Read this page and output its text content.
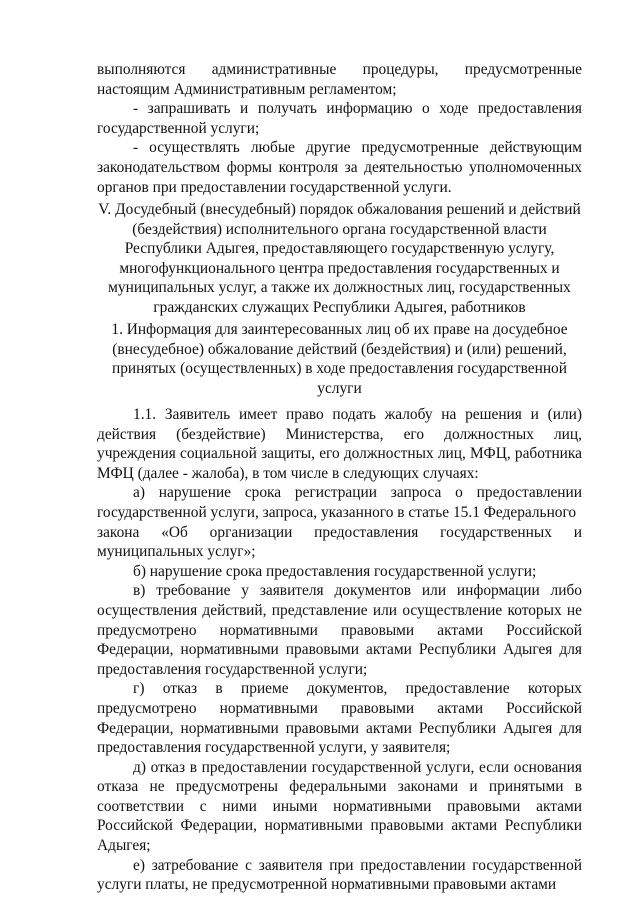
выполняются административные процедуры, предусмотренные настоящим Административным регламентом;

- запрашивать и получать информацию о ходе предоставления государственной услуги;

- осуществлять любые другие предусмотренные действующим законодательством формы контроля за деятельностью уполномоченных органов при предоставлении государственной услуги.

V. Досудебный (внесудебный) порядок обжалования решений и действий

(бездействия) исполнительного органа государственной власти

Республики Адыгея, предоставляющего государственную услугу,

многофункционального центра предоставления государственных и

муниципальных услуг, а также их должностных лиц, государственных

гражданских служащих Республики Адыгея, работников

1. Информация для заинтересованных лиц об их праве на досудебное

(внесудебное) обжалование действий (бездействия) и (или) решений,

принятых (осуществленных) в ходе предоставления государственной

услуги

1.1. Заявитель имеет право подать жалобу на решения и (или) действия (бездействие) Министерства, его должностных лиц, учреждения социальной защиты, его должностных лиц, МФЦ, работника МФЦ (далее - жалоба), в том числе в следующих случаях:

а) нарушение срока регистрации запроса о предоставлении государственной услуги, запроса, указанного в статье 15.1 Федерального

закона «Об организации предоставления государственных и

муниципальных услуг»;

б) нарушение срока предоставления государственной услуги;

в) требование у заявителя документов или информации либо осуществления действий, представление или осуществление которых не предусмотрено нормативными правовыми актами Российской Федерации, нормативными правовыми актами Республики Адыгея для предоставления государственной услуги;

г) отказ в приеме документов, предоставление которых предусмотрено нормативными правовыми актами Российской Федерации, нормативными правовыми актами Республики Адыгея для предоставления государственной услуги, у заявителя;

д) отказ в предоставлении государственной услуги, если основания отказа не предусмотрены федеральными законами и принятыми в соответствии с ними иными нормативными правовыми актами Российской Федерации, нормативными правовыми актами Республики Адыгея;

е) затребование с заявителя при предоставлении государственной услуги платы, не предусмотренной нормативными правовыми актами
